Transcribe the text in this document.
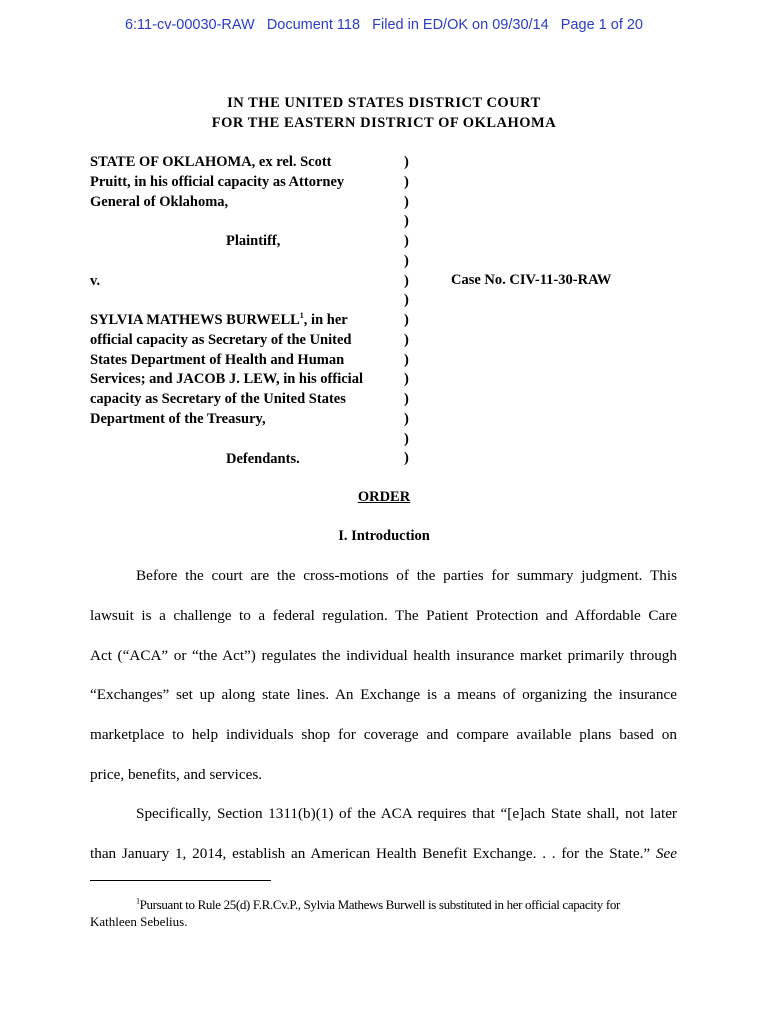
6:11-cv-00030-RAW Document 118 Filed in ED/OK on 09/30/14 Page 1 of 20
IN THE UNITED STATES DISTRICT COURT
FOR THE EASTERN DISTRICT OF OKLAHOMA
STATE OF OKLAHOMA, ex rel. Scott
Pruitt, in his official capacity as Attorney
General of Oklahoma,
Plaintiff,
v.
SYLVIA MATHEWS BURWELL$^1$, in her
official capacity as Secretary of the United
States Department of Health and Human
Services; and JACOB J. LEW, in his official
capacity as Secretary of the United States
Department of the Treasury,
Defendants.
)
)
)
)
)
)
)
)
)
)
)
)
)
)
)
)
Case No. CIV-11-30-RAW
ORDER
I. Introduction
Before the court are the cross-motions of the parties for summary judgment. This
lawsuit is a challenge to a federal regulation. The Patient Protection and Affordable Care
Act (“ACA” or “the Act”) regulates the individual health insurance market primarily through
“Exchanges” set up along state lines. An Exchange is a means of organizing the insurance
marketplace to help individuals shop for coverage and compare available plans based on
price, benefits, and services.
Specifically, Section 1311(b)(1) of the ACA requires that “[e]ach State shall, not later
than January 1, 2014, establish an American Health Benefit Exchange. . . for the State.” See
$^1$Pursuant to Rule 25(d) F.R.Cv.P., Sylvia Mathews Burwell is substituted in her official capacity for
Kathleen Sebelius.
